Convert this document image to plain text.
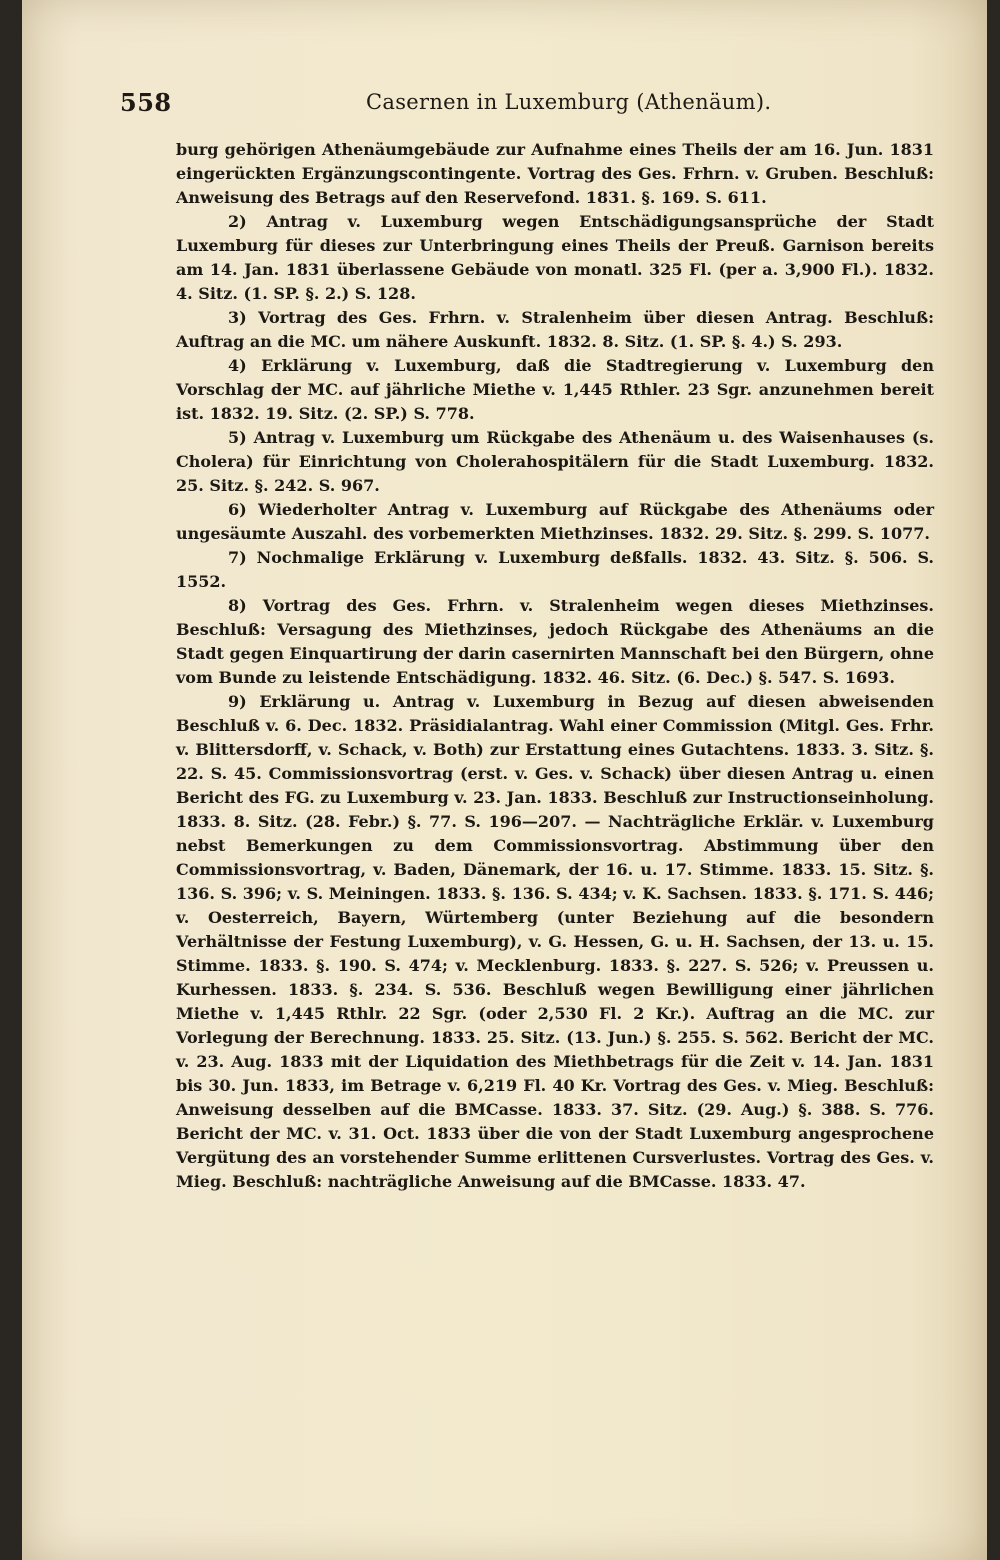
558	Casernen in Luxemburg (Athenäum).

burg gehörigen Athenäumgebäude zur Aufnahme eines Theils der am 16. Jun. 1831 eingerückten Ergänzungscontingente. Vortrag des Ges. Frhrn. v. Gruben. Beschluß: Anweisung des Betrags auf den Reservefond. 1831. §. 169. S. 611.

2) Antrag v. Luxemburg wegen Entschädigungsansprüche der Stadt Luxemburg für dieses zur Unterbringung eines Theils der Preuß. Garnison bereits am 14. Jan. 1831 überlassene Gebäude von monatl. 325 Fl. (per a. 3,900 Fl.). 1832. 4. Sitz. (1. SP. §. 2.) S. 128.

3) Vortrag des Ges. Frhrn. v. Stralenheim über diesen Antrag. Beschluß: Auftrag an die MC. um nähere Auskunft. 1832. 8. Sitz. (1. SP. §. 4.) S. 293.

4) Erklärung v. Luxemburg, daß die Stadtregierung v. Luxemburg den Vorschlag der MC. auf jährliche Miethe v. 1,445 Rthler. 23 Sgr. anzunehmen bereit ist. 1832. 19. Sitz. (2. SP.) S. 778.

5) Antrag v. Luxemburg um Rückgabe des Athenäum u. des Waisenhauses (s. Cholera) für Einrichtung von Cholerahospitälern für die Stadt Luxemburg. 1832. 25. Sitz. §. 242. S. 967.

6) Wiederholter Antrag v. Luxemburg auf Rückgabe des Athenäums oder ungesäumte Auszahl. des vorbemerkten Miethzinses. 1832. 29. Sitz. §. 299. S. 1077.

7) Nochmalige Erklärung v. Luxemburg deßfalls. 1832. 43. Sitz. §. 506. S. 1552.

8) Vortrag des Ges. Frhrn. v. Stralenheim wegen dieses Miethzinses. Beschluß: Versagung des Miethzinses, jedoch Rückgabe des Athenäums an die Stadt gegen Einquartirung der darin casernirten Mannschaft bei den Bürgern, ohne vom Bunde zu leistende Entschädigung. 1832. 46. Sitz. (6. Dec.) §. 547. S. 1693.

9) Erklärung u. Antrag v. Luxemburg in Bezug auf diesen abweisenden Beschluß v. 6. Dec. 1832. Präsidialantrag. Wahl einer Commission (Mitgl. Ges. Frhr. v. Blittersdorff, v. Schack, v. Both) zur Erstattung eines Gutachtens. 1833. 3. Sitz. §. 22. S. 45. Commissionsvortrag (erst. v. Ges. v. Schack) über diesen Antrag u. einen Bericht des FG. zu Luxemburg v. 23. Jan. 1833. Beschluß zur Instructionseinholung. 1833. 8. Sitz. (28. Febr.) §. 77. S. 196—207. — Nachträgliche Erklär. v. Luxemburg nebst Bemerkungen zu dem Commissionsvortrag. Abstimmung über den Commissionsvortrag, v. Baden, Dänemark, der 16. u. 17. Stimme. 1833. 15. Sitz. §. 136. S. 396; v. S. Meiningen. 1833. §. 136. S. 434; v. K. Sachsen. 1833. §. 171. S. 446; v. Oesterreich, Bayern, Würtemberg (unter Beziehung auf die besondern Verhältnisse der Festung Luxemburg), v. G. Hessen, G. u. H. Sachsen, der 13. u. 15. Stimme. 1833. §. 190. S. 474; v. Mecklenburg. 1833. §. 227. S. 526; v. Preussen u. Kurhessen. 1833. §. 234. S. 536. Beschluß wegen Bewilligung einer jährlichen Miethe v. 1,445 Rthlr. 22 Sgr. (oder 2,530 Fl. 2 Kr.). Auftrag an die MC. zur Vorlegung der Berechnung. 1833. 25. Sitz. (13. Jun.) §. 255. S. 562. Bericht der MC. v. 23. Aug. 1833 mit der Liquidation des Miethbetrags für die Zeit v. 14. Jan. 1831 bis 30. Jun. 1833, im Betrage v. 6,219 Fl. 40 Kr. Vortrag des Ges. v. Mieg. Beschluß: Anweisung desselben auf die BMCasse. 1833. 37. Sitz. (29. Aug.) §. 388. S. 776. Bericht der MC. v. 31. Oct. 1833 über die von der Stadt Luxemburg angesprochene Vergütung des an vorstehender Summe erlittenen Cursverlustes. Vortrag des Ges. v. Mieg. Beschluß: nachträgliche Anweisung auf die BMCasse. 1833. 47.
